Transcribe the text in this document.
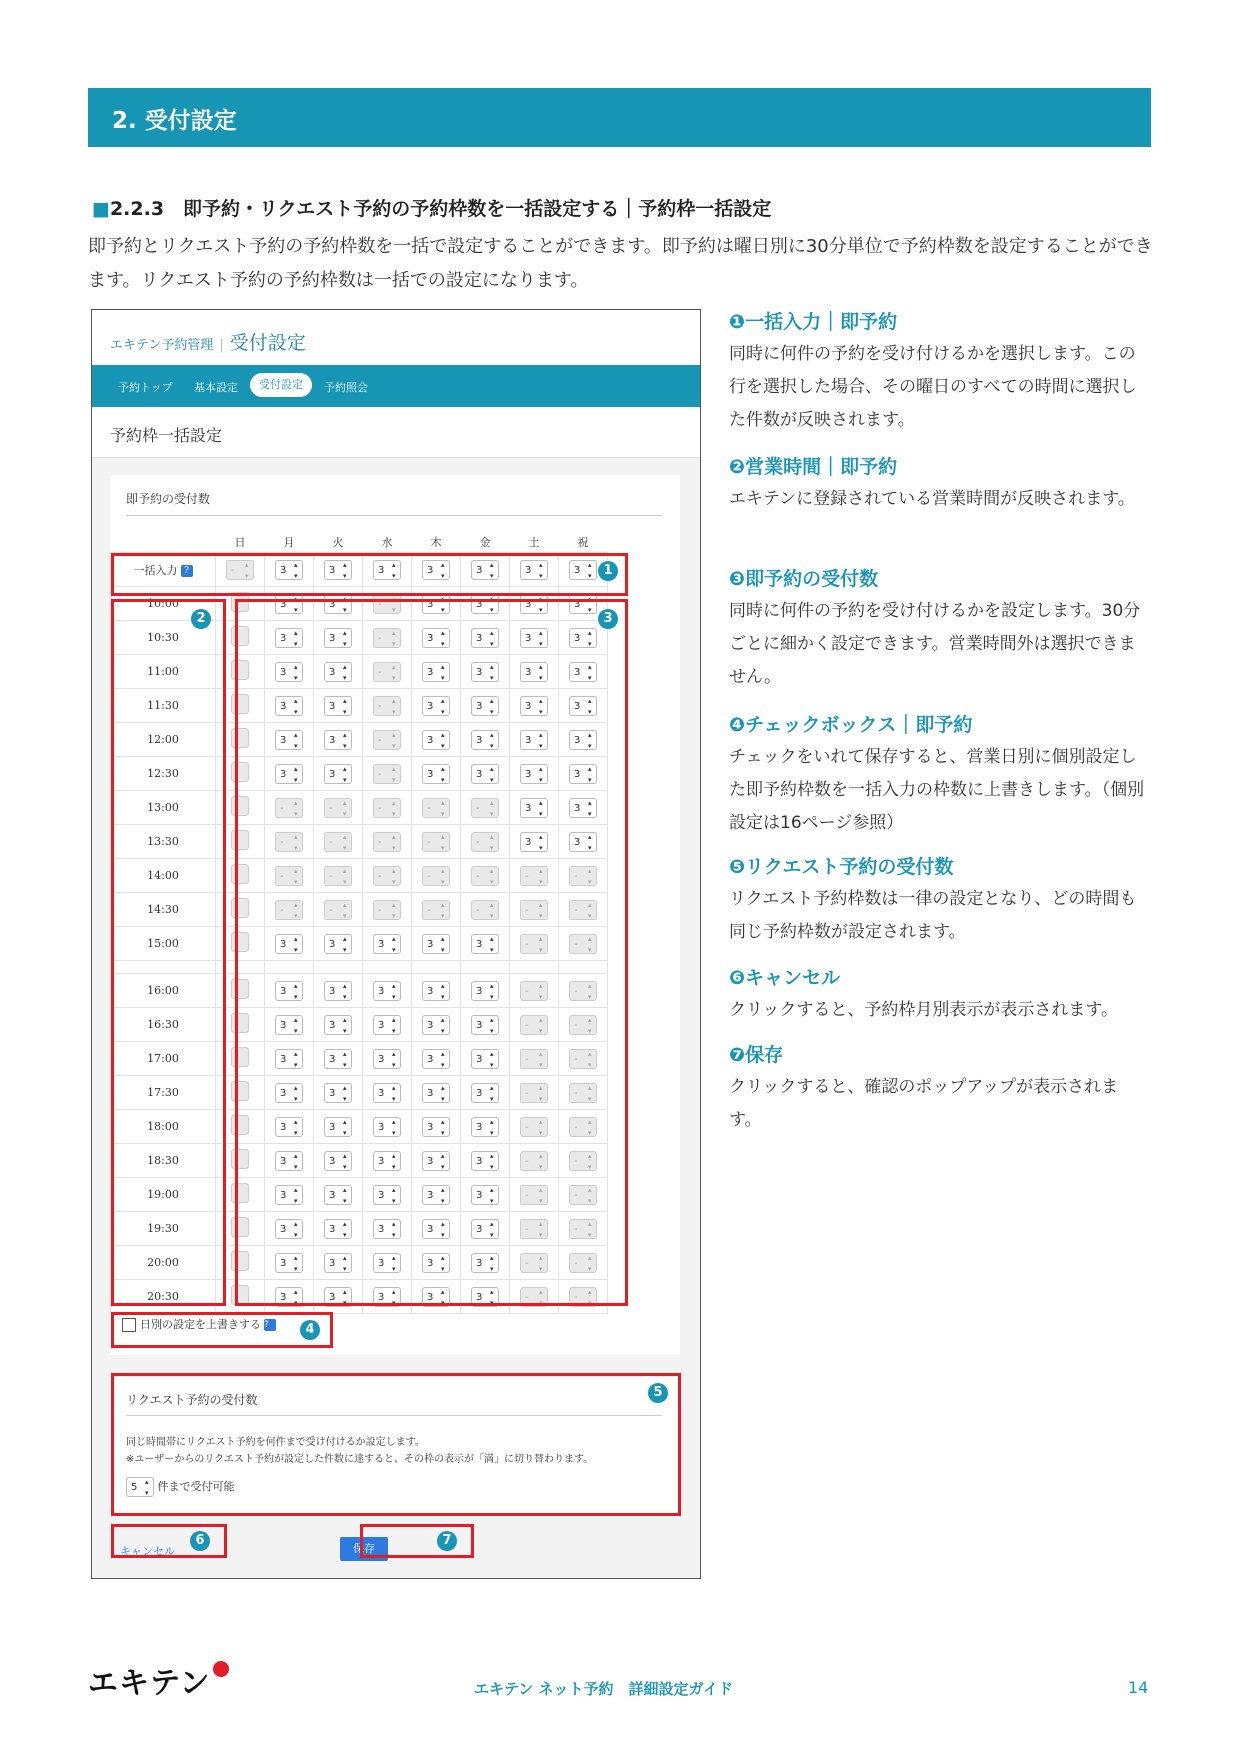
2. 受付設定
■2.2.3　即予約・リクエスト予約の予約枠数を一括設定する｜予約枠一括設定
即予約とリクエスト予約の予約枠数を一括で設定することができます。即予約は曜日別に30分単位で予約枠数を設定することができます。リクエスト予約の予約枠数は一括での設定になります。
エキテン予約管理 | 受付設定
予約トップ 基本設定	受付設定	予約照会
予約枠一括設定
即予約の受付数
	日	月	火	水	木	金	土	祝
一括入力 ?	- ▴▾	3 ▴▾	3 ▴▾	3 ▴▾	3 ▴▾	3 ▴▾	3 ▴▾	3 ▴▾
10:00		3 ▴▾	3 ▴▾	- ▴▾	3 ▴▾	3 ▴▾	3 ▴▾	3 ▴▾
10:30		3 ▴▾	3 ▴▾	- ▴▾	3 ▴▾	3 ▴▾	3 ▴▾	3 ▴▾
11:00		3 ▴▾	3 ▴▾	- ▴▾	3 ▴▾	3 ▴▾	3 ▴▾	3 ▴▾
11:30		3 ▴▾	3 ▴▾	- ▴▾	3 ▴▾	3 ▴▾	3 ▴▾	3 ▴▾
12:00		3 ▴▾	3 ▴▾	- ▴▾	3 ▴▾	3 ▴▾	3 ▴▾	3 ▴▾
12:30		3 ▴▾	3 ▴▾	- ▴▾	3 ▴▾	3 ▴▾	3 ▴▾	3 ▴▾
13:00		- ▴▾	- ▴▾	- ▴▾	- ▴▾	- ▴▾	3 ▴▾	3 ▴▾
13:30		- ▴▾	- ▴▾	- ▴▾	- ▴▾	- ▴▾	3 ▴▾	3 ▴▾
14:00		- ▴▾	- ▴▾	- ▴▾	- ▴▾	- ▴▾	- ▴▾	- ▴▾
14:30		- ▴▾	- ▴▾	- ▴▾	- ▴▾	- ▴▾	- ▴▾	- ▴▾
15:00		3 ▴▾	3 ▴▾	3 ▴▾	3 ▴▾	3 ▴▾	- ▴▾	- ▴▾

16:00		3 ▴▾	3 ▴▾	3 ▴▾	3 ▴▾	3 ▴▾	- ▴▾	- ▴▾
16:30		3 ▴▾	3 ▴▾	3 ▴▾	3 ▴▾	3 ▴▾	- ▴▾	- ▴▾
17:00		3 ▴▾	3 ▴▾	3 ▴▾	3 ▴▾	3 ▴▾	- ▴▾	- ▴▾
17:30		3 ▴▾	3 ▴▾	3 ▴▾	3 ▴▾	3 ▴▾	- ▴▾	- ▴▾
18:00		3 ▴▾	3 ▴▾	3 ▴▾	3 ▴▾	3 ▴▾	- ▴▾	- ▴▾
18:30		3 ▴▾	3 ▴▾	3 ▴▾	3 ▴▾	3 ▴▾	- ▴▾	- ▴▾
19:00		3 ▴▾	3 ▴▾	3 ▴▾	3 ▴▾	3 ▴▾	- ▴▾	- ▴▾
19:30		3 ▴▾	3 ▴▾	3 ▴▾	3 ▴▾	3 ▴▾	- ▴▾	- ▴▾
20:00		3 ▴▾	3 ▴▾	3 ▴▾	3 ▴▾	3 ▴▾	- ▴▾	- ▴▾
20:30		3 ▴▾	3 ▴▾	3 ▴▾	3 ▴▾	3 ▴▾	- ▴▾	- ▴▾
日別の設定を上書きする ?
リクエスト予約の受付数
同じ時間帯にリクエスト予約を何件まで受け付けるか設定します。
※ユーザーからのリクエスト予約が設定した件数に達すると、その枠の表示が「満」に切り替わります。
5 ▴▾ 件まで受付可能
キャンセル	保存
1
2	3
4
5
6	7
❶一括入力｜即予約

同時に何件の予約を受け付けるかを選択します。この行を選択した場合、その曜日のすべての時間に選択した件数が反映されます。

❷営業時間｜即予約

エキテンに登録されている営業時間が反映されます。

❸即予約の受付数

同時に何件の予約を受け付けるかを設定します。30分ごとに細かく設定できます。営業時間外は選択できません。

❹チェックボックス｜即予約

チェックをいれて保存すると、営業日別に個別設定した即予約枠数を一括入力の枠数に上書きします。（個別設定は16ページ参照）

❺リクエスト予約の受付数

リクエスト予約枠数は一律の設定となり、どの時間も同じ予約枠数が設定されます。

❻キャンセル

クリックすると、予約枠月別表示が表示されます。

❼保存

クリックすると、確認のポップアップが表示されます。

エキテン	エキテン ネット予約　詳細設定ガイド	14
